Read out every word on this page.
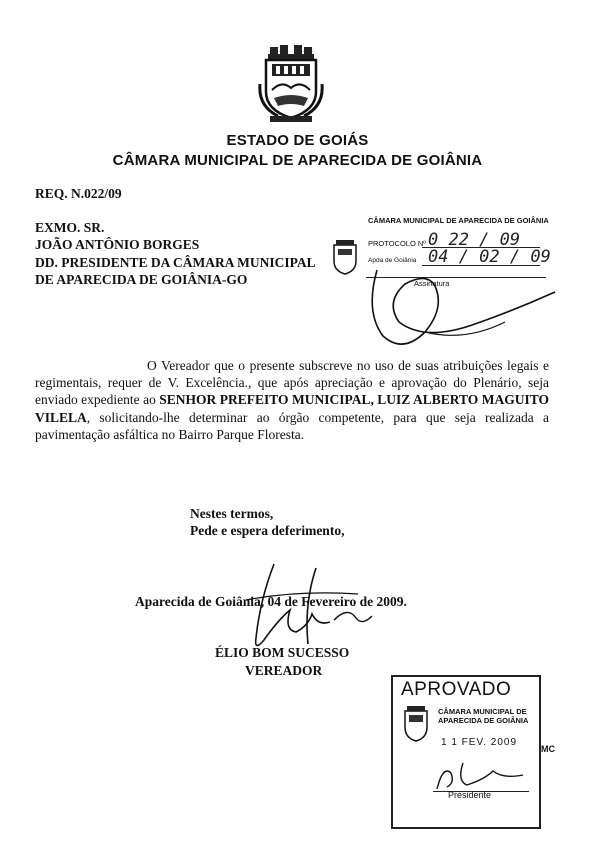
ESTADO DE GOIÁS
CÂMARA MUNICIPAL DE APARECIDA DE GOIÂNIA
REQ. N.022/09
EXMO. SR.
JOÃO ANTÔNIO BORGES
DD. PRESIDENTE DA CÂMARA MUNICIPAL
DE APARECIDA DE GOIÂNIA-GO
CÂMARA MUNICIPAL DE APARECIDA DE GOIÂNIA
PROTOCOLO Nº 0 22 / 09
Apda de Goiânia 04 / 02 / 09
Assinatura

O Vereador que o presente subscreve no uso de suas atribuições legais e regimentais, requer de V. Excelência., que após apreciação e aprovação do Plenário, seja enviado expediente ao SENHOR PREFEITO MUNICIPAL, LUIZ ALBERTO MAGUITO VILELA, solicitando-lhe determinar ao órgão competente, para que seja realizada a pavimentação asfáltica no Bairro Parque Floresta.

Nestes termos,
Pede e espera deferimento,
Aparecida de Goiânia, 04 de Fevereiro de 2009.
ÉLIO BOM SUCESSO
VEREADOR
APROVADO
CÂMARA MUNICIPAL DE
APARECIDA DE GOIÂNIA
1 1 FEV. 2009
Presidente
MC
